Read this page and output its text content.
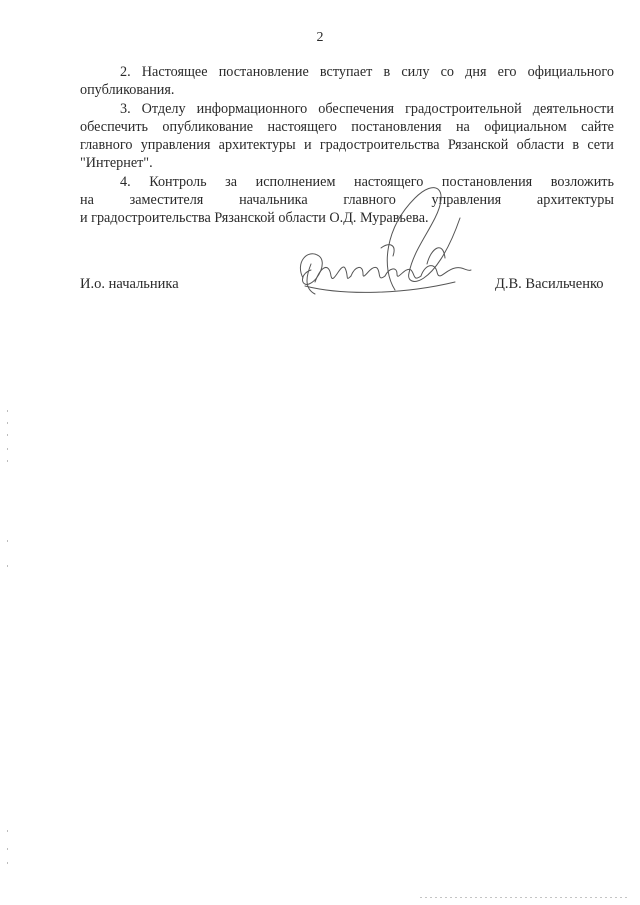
2
2. Настоящее постановление вступает в силу со дня его официального
опубликования.
3. Отделу информационного обеспечения градостроительной деятельности
обеспечить опубликование настоящего постановления на официальном сайте
главного управления архитектуры и градостроительства Рязанской области в сети
"Интернет".
4. Контроль за исполнением настоящего постановления возложить
на	заместителя	начальника	главного	управления	архитектуры
и градостроительства Рязанской области О.Д. Муравьева.
И.о. начальника	Д.В. Васильченко
